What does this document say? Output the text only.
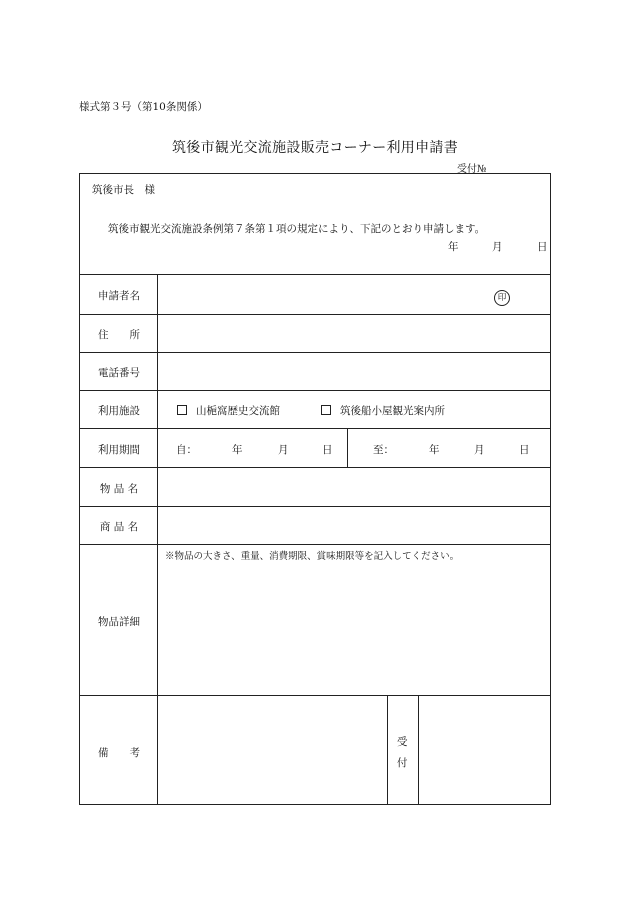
様式第３号（第10条関係）
筑後市観光交流施設販売コーナー利用申請書
受付№
筑後市長　様
筑後市観光交流施設条例第７条第１項の規定により、下記のとおり申請します。
年	月	日
申請者名	印
住　　所
電話番号
利用施設	山梔窩歴史交流館	筑後船小屋観光案内所
利用期間	自：	年	月	日	至：	年	月	日
物 品 名
商 品 名
物品詳細
※物品の大きさ、重量、消費期限、賞味期限等を記入してください。
備　　考
受
付
